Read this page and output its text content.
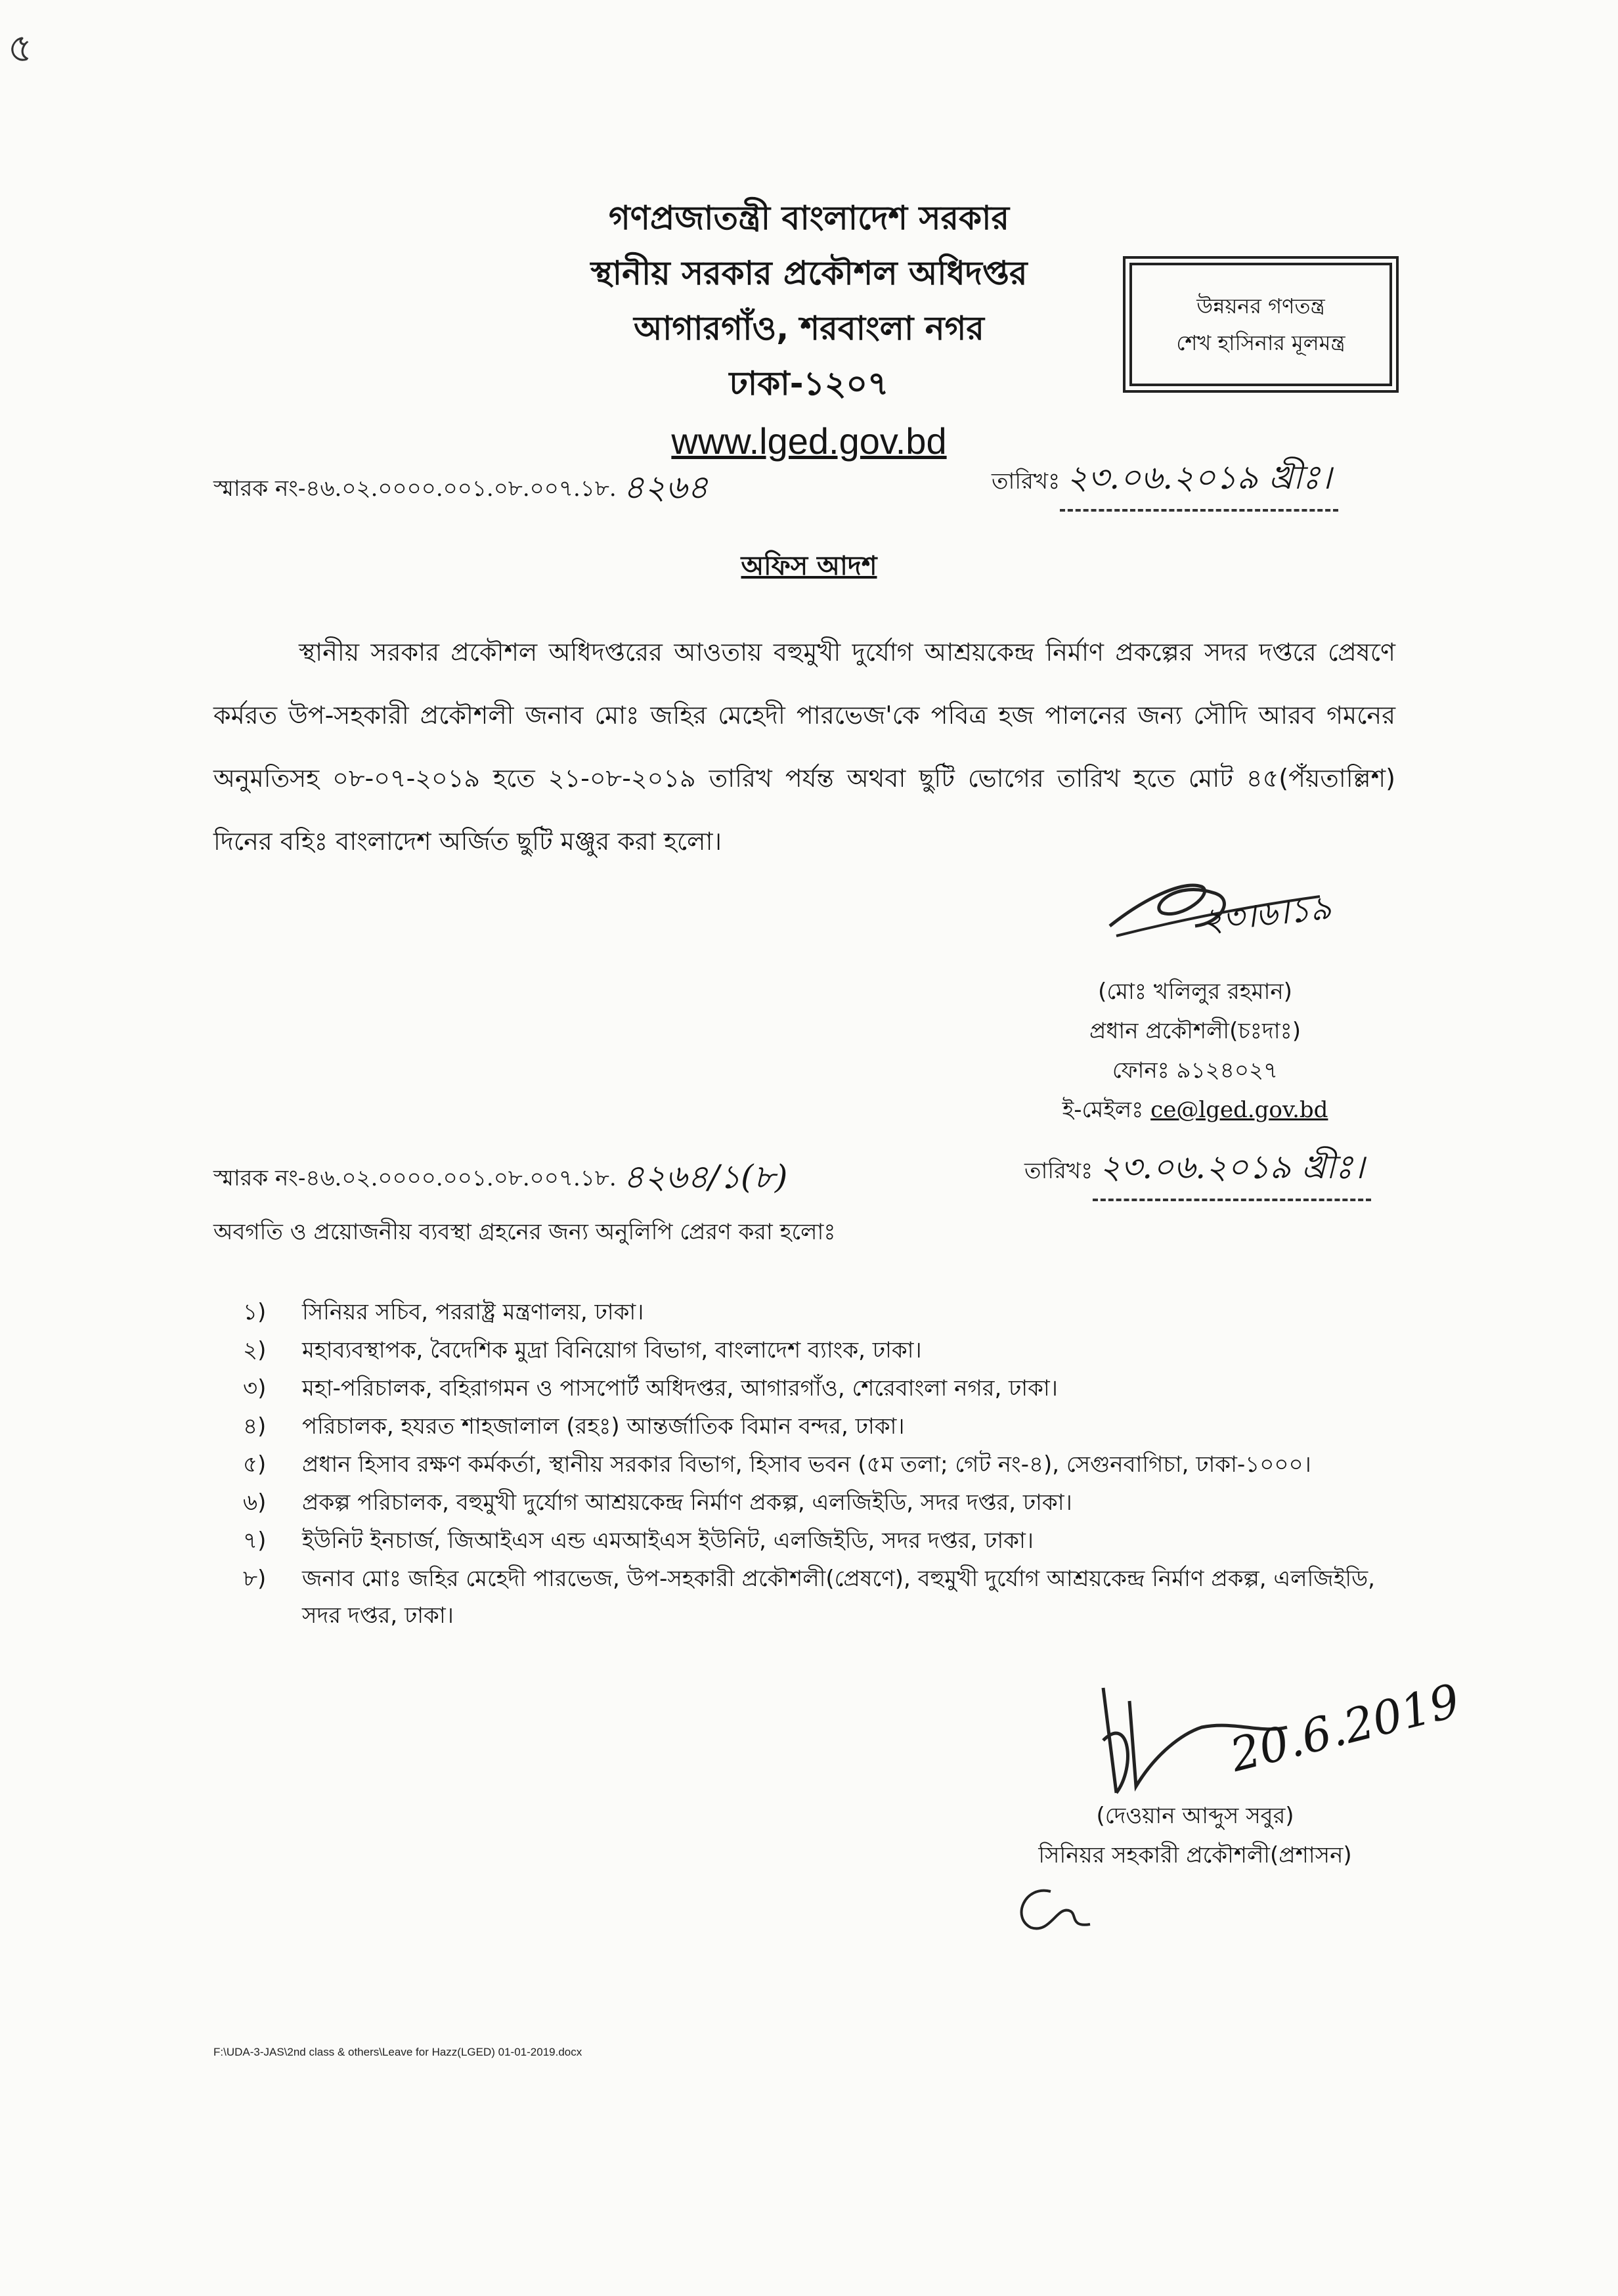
৫
গণপ্রজাতন্ত্রী বাংলাদেশ সরকার
স্থানীয় সরকার প্রকৌশল অধিদপ্তর
আগারগাঁও, শরবাংলা নগর
ঢাকা-১২০৭
www.lged.gov.bd
উন্নয়নর গণতন্ত্র
শেখ হাসিনার মূলমন্ত্র
স্মারক নং-৪৬.০২.০০০০.০০১.০৮.০০৭.১৮. ৪২৬৪	তারিখঃ ২৩.০৬.২০১৯ খ্রীঃ।
অফিস আদশ
স্থানীয় সরকার প্রকৌশল অধিদপ্তরের আওতায় বহুমুখী দুর্যোগ আশ্রয়কেন্দ্র নির্মাণ প্রকল্পের সদর দপ্তরে প্রেষণে কর্মরত উপ-সহকারী প্রকৌশলী জনাব মোঃ জহির মেহেদী পারভেজ'কে পবিত্র হজ পালনের জন্য সৌদি আরব গমনের অনুমতিসহ ০৮-০৭-২০১৯ হতে ২১-০৮-২০১৯ তারিখ পর্যন্ত অথবা ছুটি ভোগের তারিখ হতে মোট ৪৫(পঁয়তাল্লিশ) দিনের বহিঃ বাংলাদেশ অর্জিত ছুটি মঞ্জুর করা হলো।
২৩।৬।১৯
(মোঃ খলিলুর রহমান)
প্রধান প্রকৌশলী(চঃদাঃ)
ফোনঃ ৯১২৪০২৭
ই-মেইলঃ ce@lged.gov.bd
স্মারক নং-৪৬.০২.০০০০.০০১.০৮.০০৭.১৮. ৪২৬৪/১(৮)	তারিখঃ ২৩.০৬.২০১৯ খ্রীঃ।
অবগতি ও প্রয়োজনীয় ব্যবস্থা গ্রহনের জন্য অনুলিপি প্রেরণ করা হলোঃ
১)	সিনিয়র সচিব, পররাষ্ট্র মন্ত্রণালয়, ঢাকা।
২)	মহাব্যবস্থাপক, বৈদেশিক মুদ্রা বিনিয়োগ বিভাগ, বাংলাদেশ ব্যাংক, ঢাকা।
৩)	মহা-পরিচালক, বহিরাগমন ও পাসপোর্ট অধিদপ্তর, আগারগাঁও, শেরেবাংলা নগর, ঢাকা।
৪)	পরিচালক, হযরত শাহজালাল (রহঃ) আন্তর্জাতিক বিমান বন্দর, ঢাকা।
৫)	প্রধান হিসাব রক্ষণ কর্মকর্তা, স্থানীয় সরকার বিভাগ, হিসাব ভবন (৫ম তলা; গেট নং-৪), সেগুনবাগিচা, ঢাকা-১০০০।
৬)	প্রকল্প পরিচালক, বহুমুখী দুর্যোগ আশ্রয়কেন্দ্র নির্মাণ প্রকল্প, এলজিইডি, সদর দপ্তর, ঢাকা।
৭)	ইউনিট ইনচার্জ, জিআইএস এন্ড এমআইএস ইউনিট, এলজিইডি, সদর দপ্তর, ঢাকা।
৮)	জনাব মোঃ জহির মেহেদী পারভেজ, উপ-সহকারী প্রকৌশলী(প্রেষণে), বহুমুখী দুর্যোগ আশ্রয়কেন্দ্র নির্মাণ প্রকল্প, এলজিইডি, সদর দপ্তর, ঢাকা।
20.6.2019
(দেওয়ান আব্দুস সবুর)
সিনিয়র সহকারী প্রকৌশলী(প্রশাসন)
F:\UDA-3-JAS\2nd class & others\Leave for Hazz(LGED) 01-01-2019.docx
